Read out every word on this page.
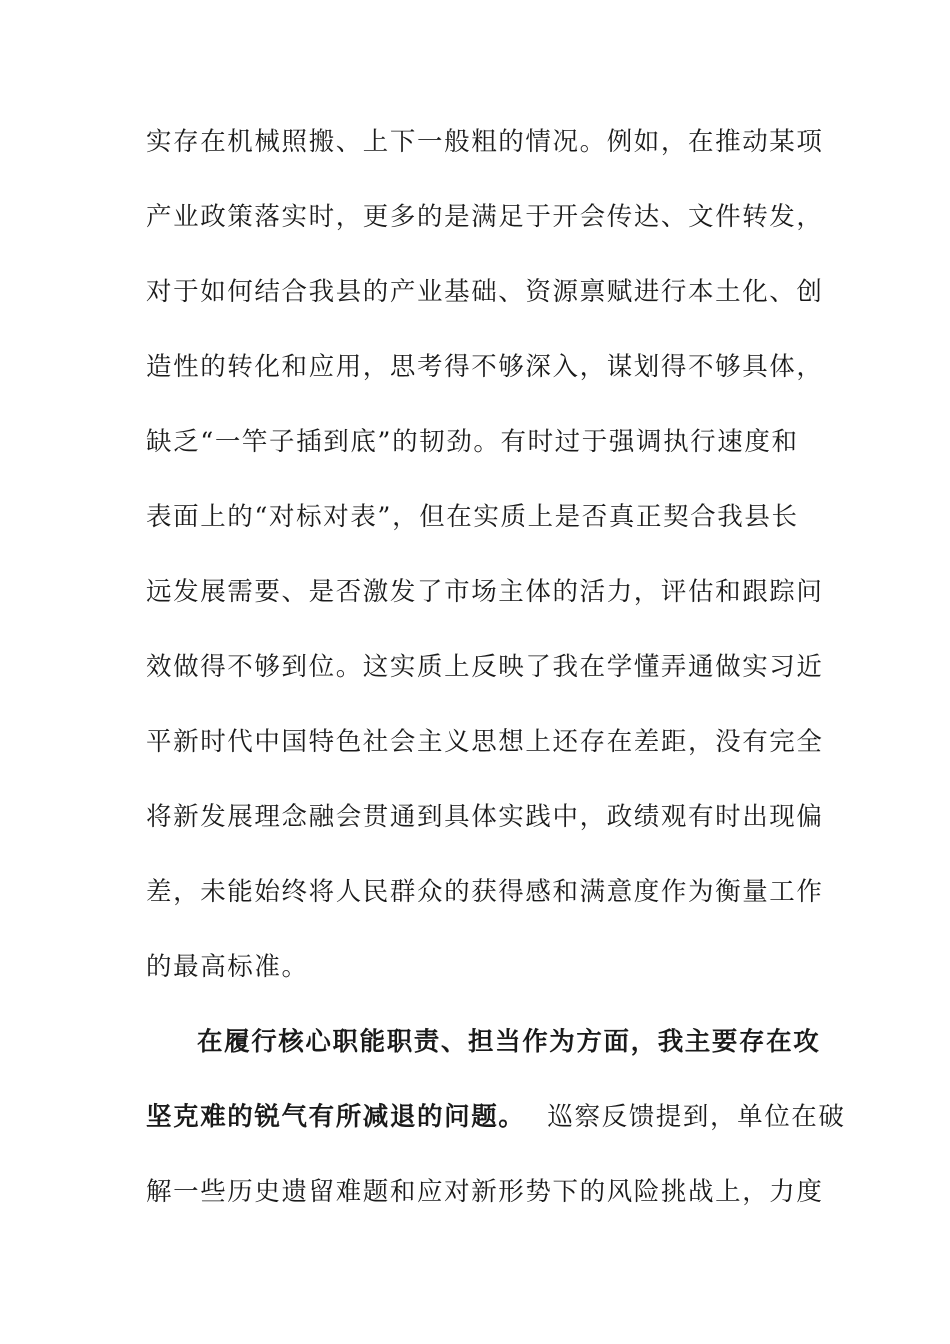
实存在机械照搬、上下一般粗的情况。例如，在推动某项
产业政策落实时，更多的是满足于开会传达、文件转发，
对于如何结合我县的产业基础、资源禀赋进行本土化、创
造性的转化和应用，思考得不够深入，谋划得不够具体，
缺乏“一竿子插到底”的韧劲。有时过于强调执行速度和
表面上的“对标对表”，但在实质上是否真正契合我县长
远发展需要、是否激发了市场主体的活力，评估和跟踪问
效做得不够到位。这实质上反映了我在学懂弄通做实习近
平新时代中国特色社会主义思想上还存在差距，没有完全
将新发展理念融会贯通到具体实践中，政绩观有时出现偏
差，未能始终将人民群众的获得感和满意度作为衡量工作
的最高标准。
在履行核心职能职责、担当作为方面，我主要存在攻
坚克难的锐气有所减退的问题。 巡察反馈提到，单位在破
解一些历史遗留难题和应对新形势下的风险挑战上，力度
